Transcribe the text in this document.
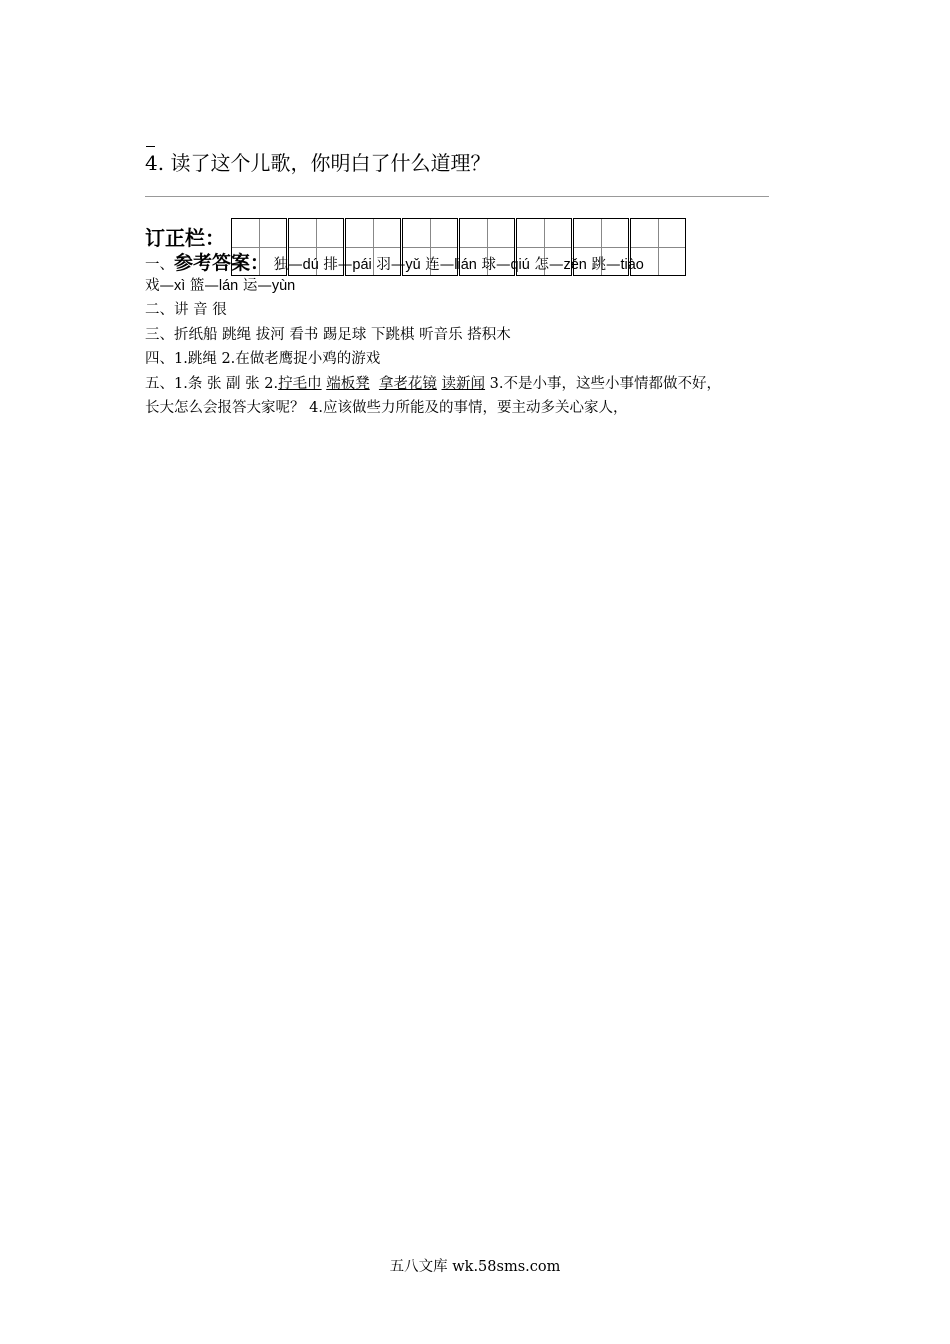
4. 读了这个儿歌，你明白了什么道理？
订正栏：
一、参考答案： 独—dú 排—pái 羽—yǔ 连—lián 球—qiú 怎—zěn 跳—tiào
戏—xì 篮—lán 运—yùn
二、讲 音 很
三、折纸船 跳绳 拔河 看书 踢足球 下跳棋 听音乐 搭积木
四、1.跳绳 2.在做老鹰捉小鸡的游戏
五、1.条 张 副 张 2.拧毛巾 端板凳 拿老花镜 读新闻 3.不是小事，这些小事情都做不好，
长大怎么会报答大家呢？ 4.应该做些力所能及的事情，要主动多关心家人，
五八文库 wk.58sms.com
